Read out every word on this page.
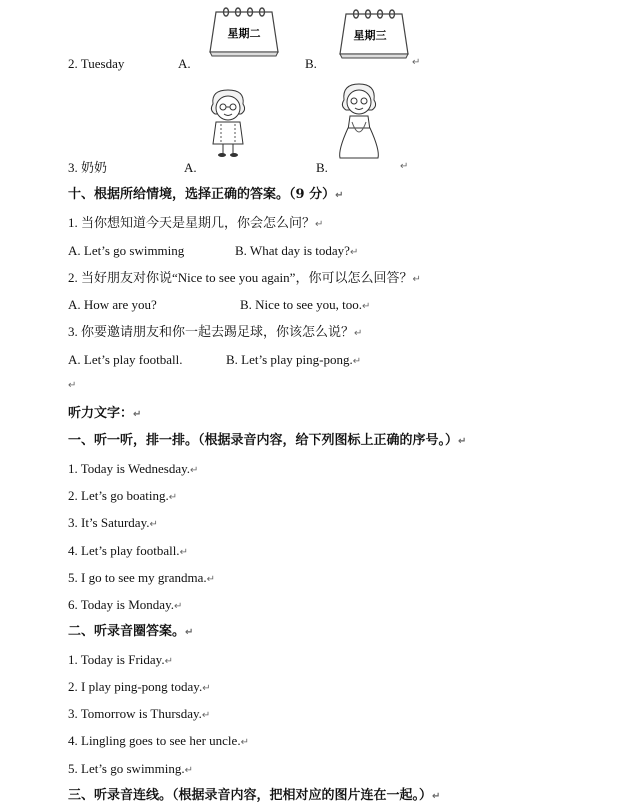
星期二	星期三
2. Tuesday	A.	B.	↵
3. 奶奶	A.	B.	↵
十、根据所给情境，选择正确的答案。（9 分）↵
1. 当你想知道今天是星期几，你会怎么问？↵
A. Let’s go swimming	B. What day is today?↵
2. 当好朋友对你说“Nice to see you again”，你可以怎么回答？↵
A. How are you?	B. Nice to see you, too.↵
3. 你要邀请朋友和你一起去踢足球，你该怎么说？↵
A. Let’s play football.	B. Let’s play ping-pong.↵
↵
听力文字：↵
一、听一听，排一排。（根据录音内容，给下列图标上正确的序号。）↵
1. Today is Wednesday.↵
2. Let’s go boating.↵
3. It’s Saturday.↵
4. Let’s play football.↵
5. I go to see my grandma.↵
6. Today is Monday.↵
二、听录音圈答案。↵
1. Today is Friday.↵
2. I play ping-pong today.↵
3. Tomorrow is Thursday.↵
4. Lingling goes to see her uncle.↵
5. Let’s go swimming.↵
三、听录音连线。（根据录音内容，把相对应的图片连在一起。）↵
